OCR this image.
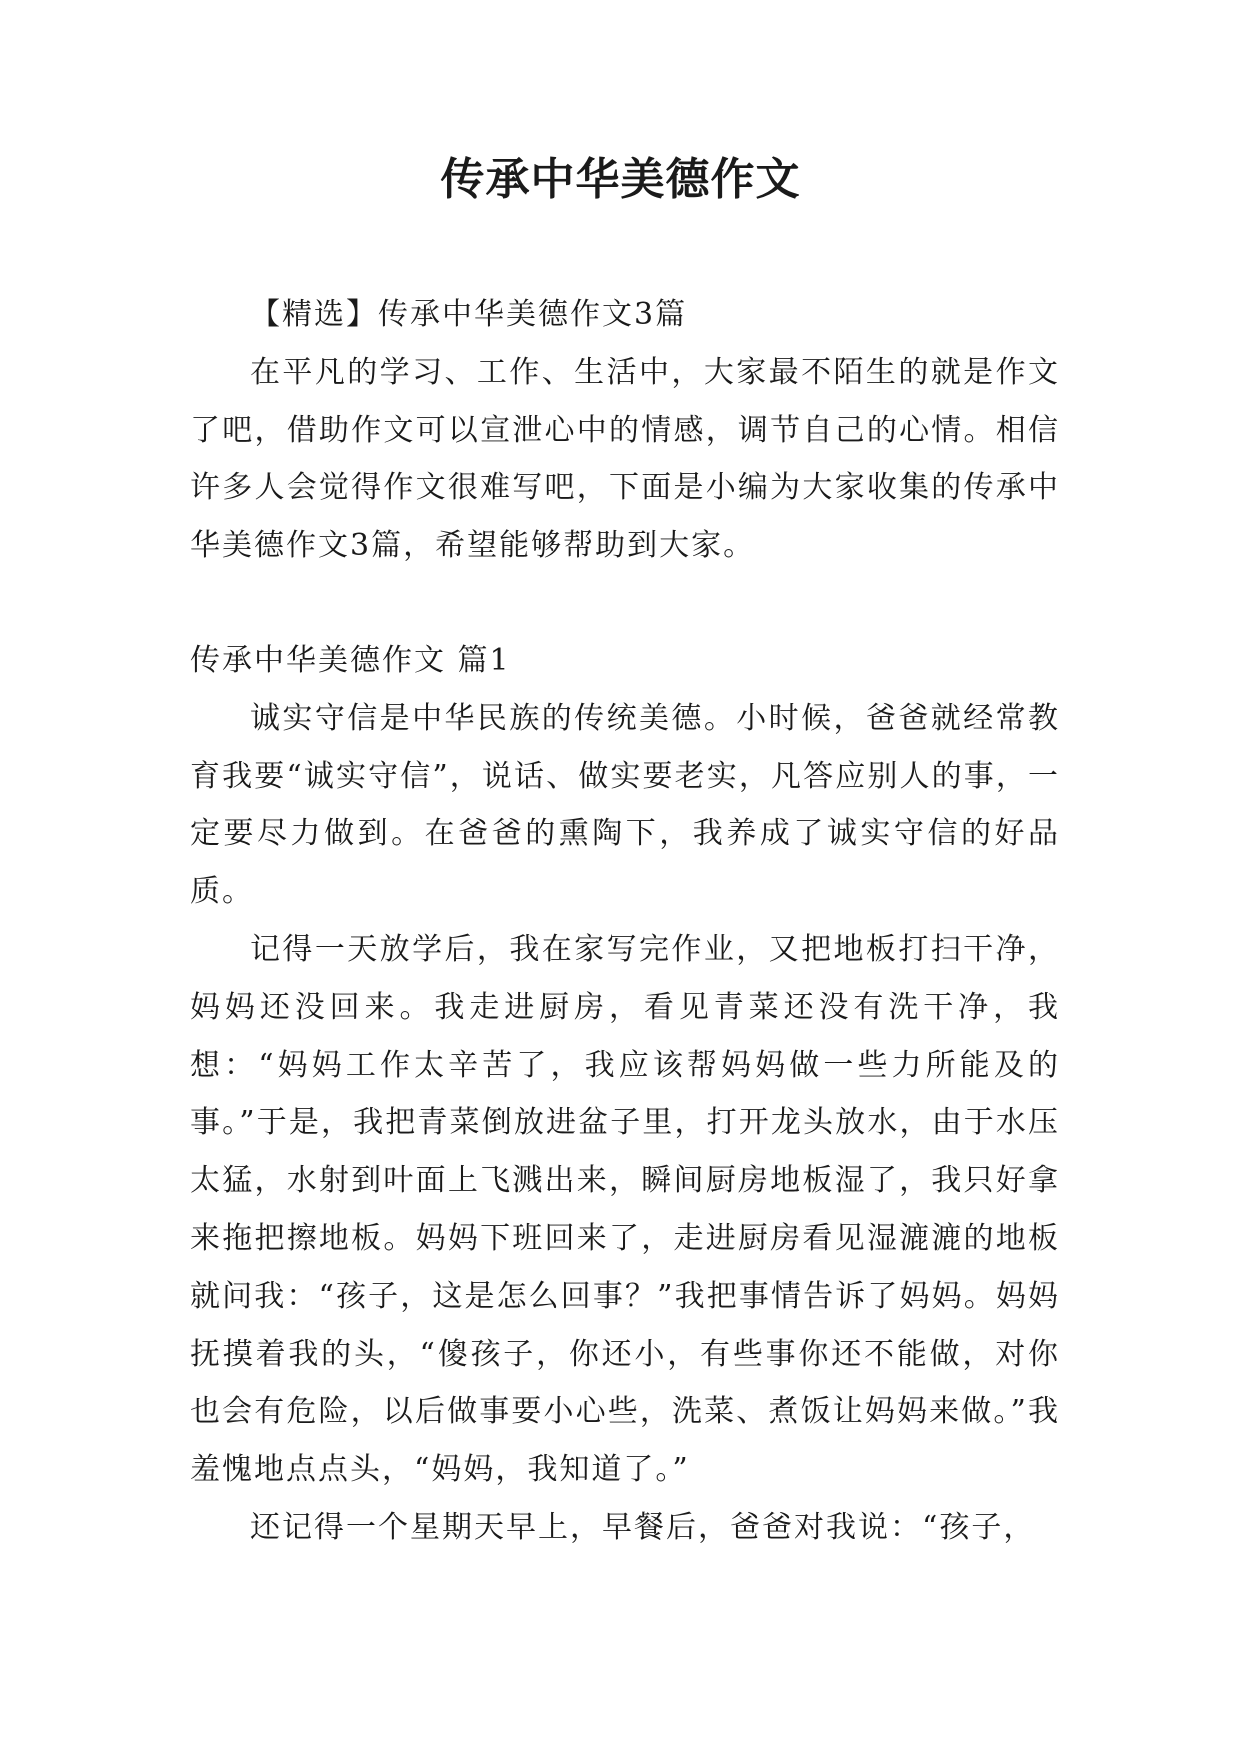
传承中华美德作文

【精选】传承中华美德作文3篇

在平凡的学习、工作、生活中，大家最不陌生的就是作文了吧，借助作文可以宣泄心中的情感，调节自己的心情。相信许多人会觉得作文很难写吧，下面是小编为大家收集的传承中华美德作文3篇，希望能够帮助到大家。

传承中华美德作文 篇1

诚实守信是中华民族的传统美德。小时候，爸爸就经常教育我要“诚实守信”，说话、做实要老实，凡答应别人的事，一定要尽力做到。在爸爸的熏陶下，我养成了诚实守信的好品质。

记得一天放学后，我在家写完作业，又把地板打扫干净，妈妈还没回来。我走进厨房，看见青菜还没有洗干净，我想：“妈妈工作太辛苦了，我应该帮妈妈做一些力所能及的事。”于是，我把青菜倒放进盆子里，打开龙头放水，由于水压太猛，水射到叶面上飞溅出来，瞬间厨房地板湿了，我只好拿来拖把擦地板。妈妈下班回来了，走进厨房看见湿漉漉的地板就问我：“孩子，这是怎么回事？”我把事情告诉了妈妈。妈妈抚摸着我的头，“傻孩子，你还小，有些事你还不能做，对你也会有危险，以后做事要小心些，洗菜、煮饭让妈妈来做。”我羞愧地点点头，“妈妈，我知道了。”

还记得一个星期天早上，早餐后，爸爸对我说：“孩子，
